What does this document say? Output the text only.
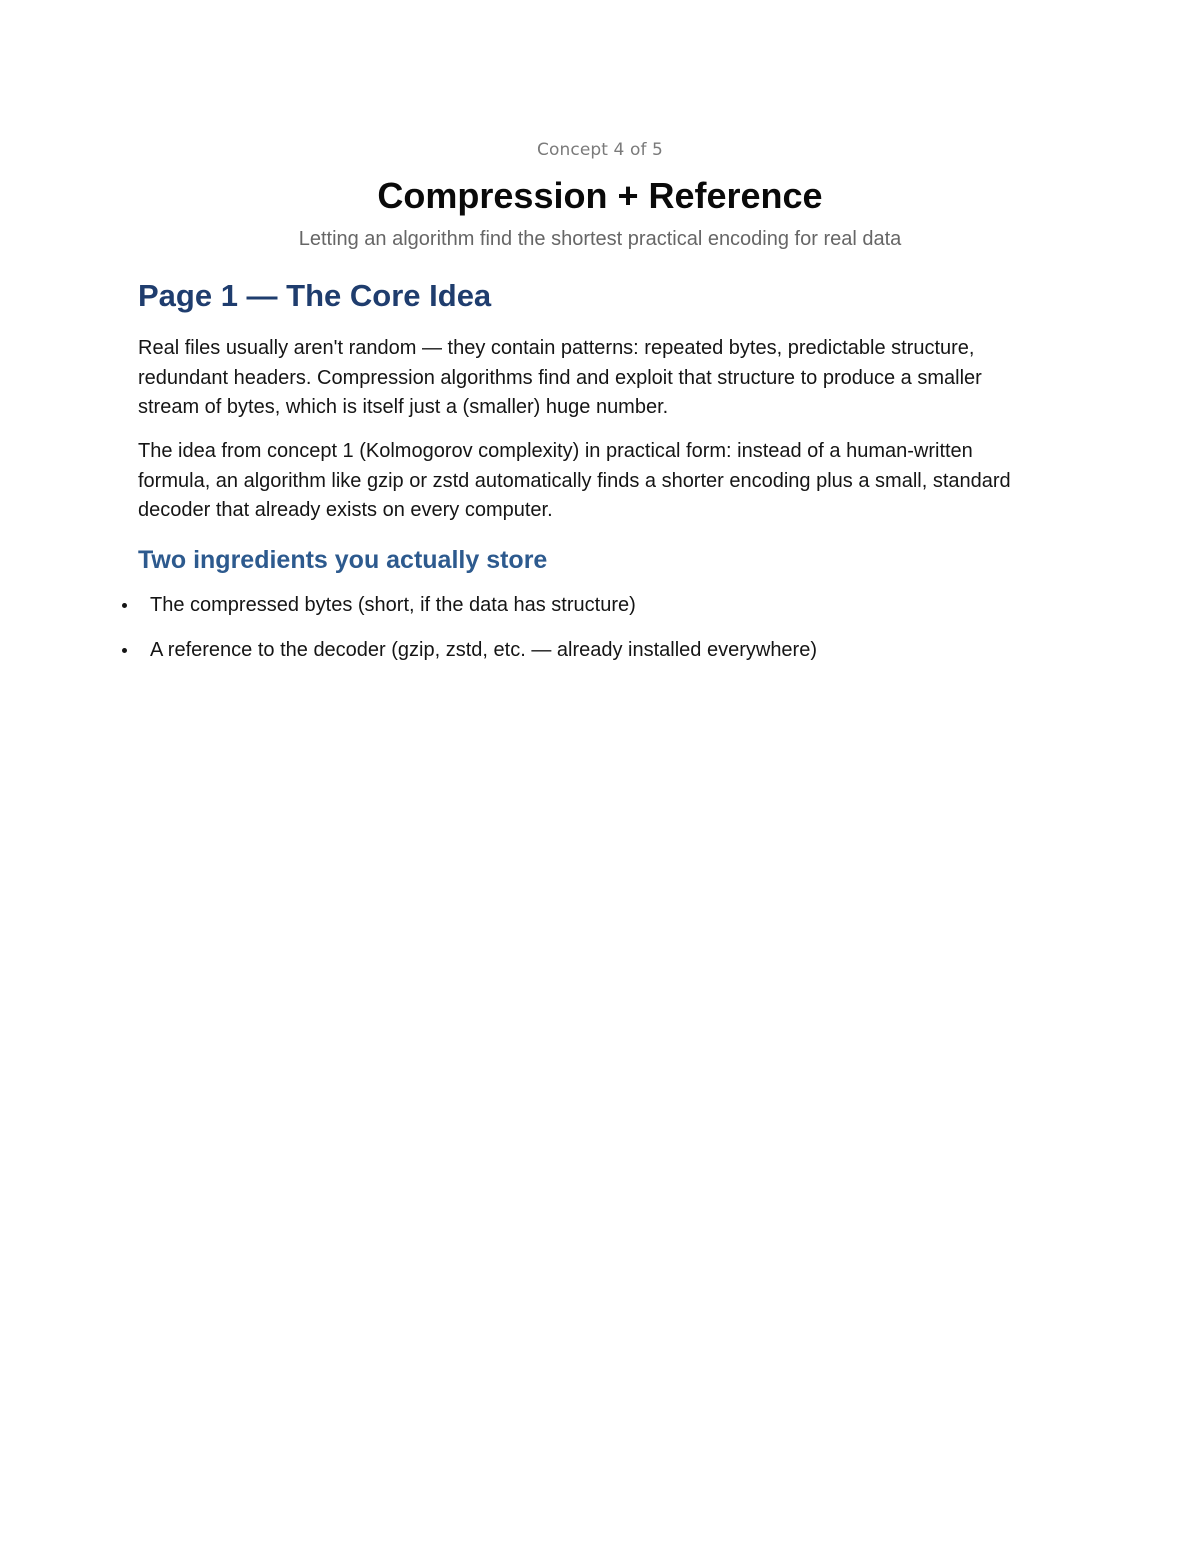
Concept 4 of 5
Compression + Reference
Letting an algorithm find the shortest practical encoding for real data
Page 1 — The Core Idea

Real files usually aren't random — they contain patterns: repeated bytes, predictable structure, redundant headers. Compression algorithms find and exploit that structure to produce a smaller stream of bytes, which is itself just a (smaller) huge number.

The idea from concept 1 (Kolmogorov complexity) in practical form: instead of a human-written formula, an algorithm like gzip or zstd automatically finds a shorter encoding plus a small, standard decoder that already exists on every computer.

Two ingredients you actually store
The compressed bytes (short, if the data has structure)
A reference to the decoder (gzip, zstd, etc. — already installed everywhere)
